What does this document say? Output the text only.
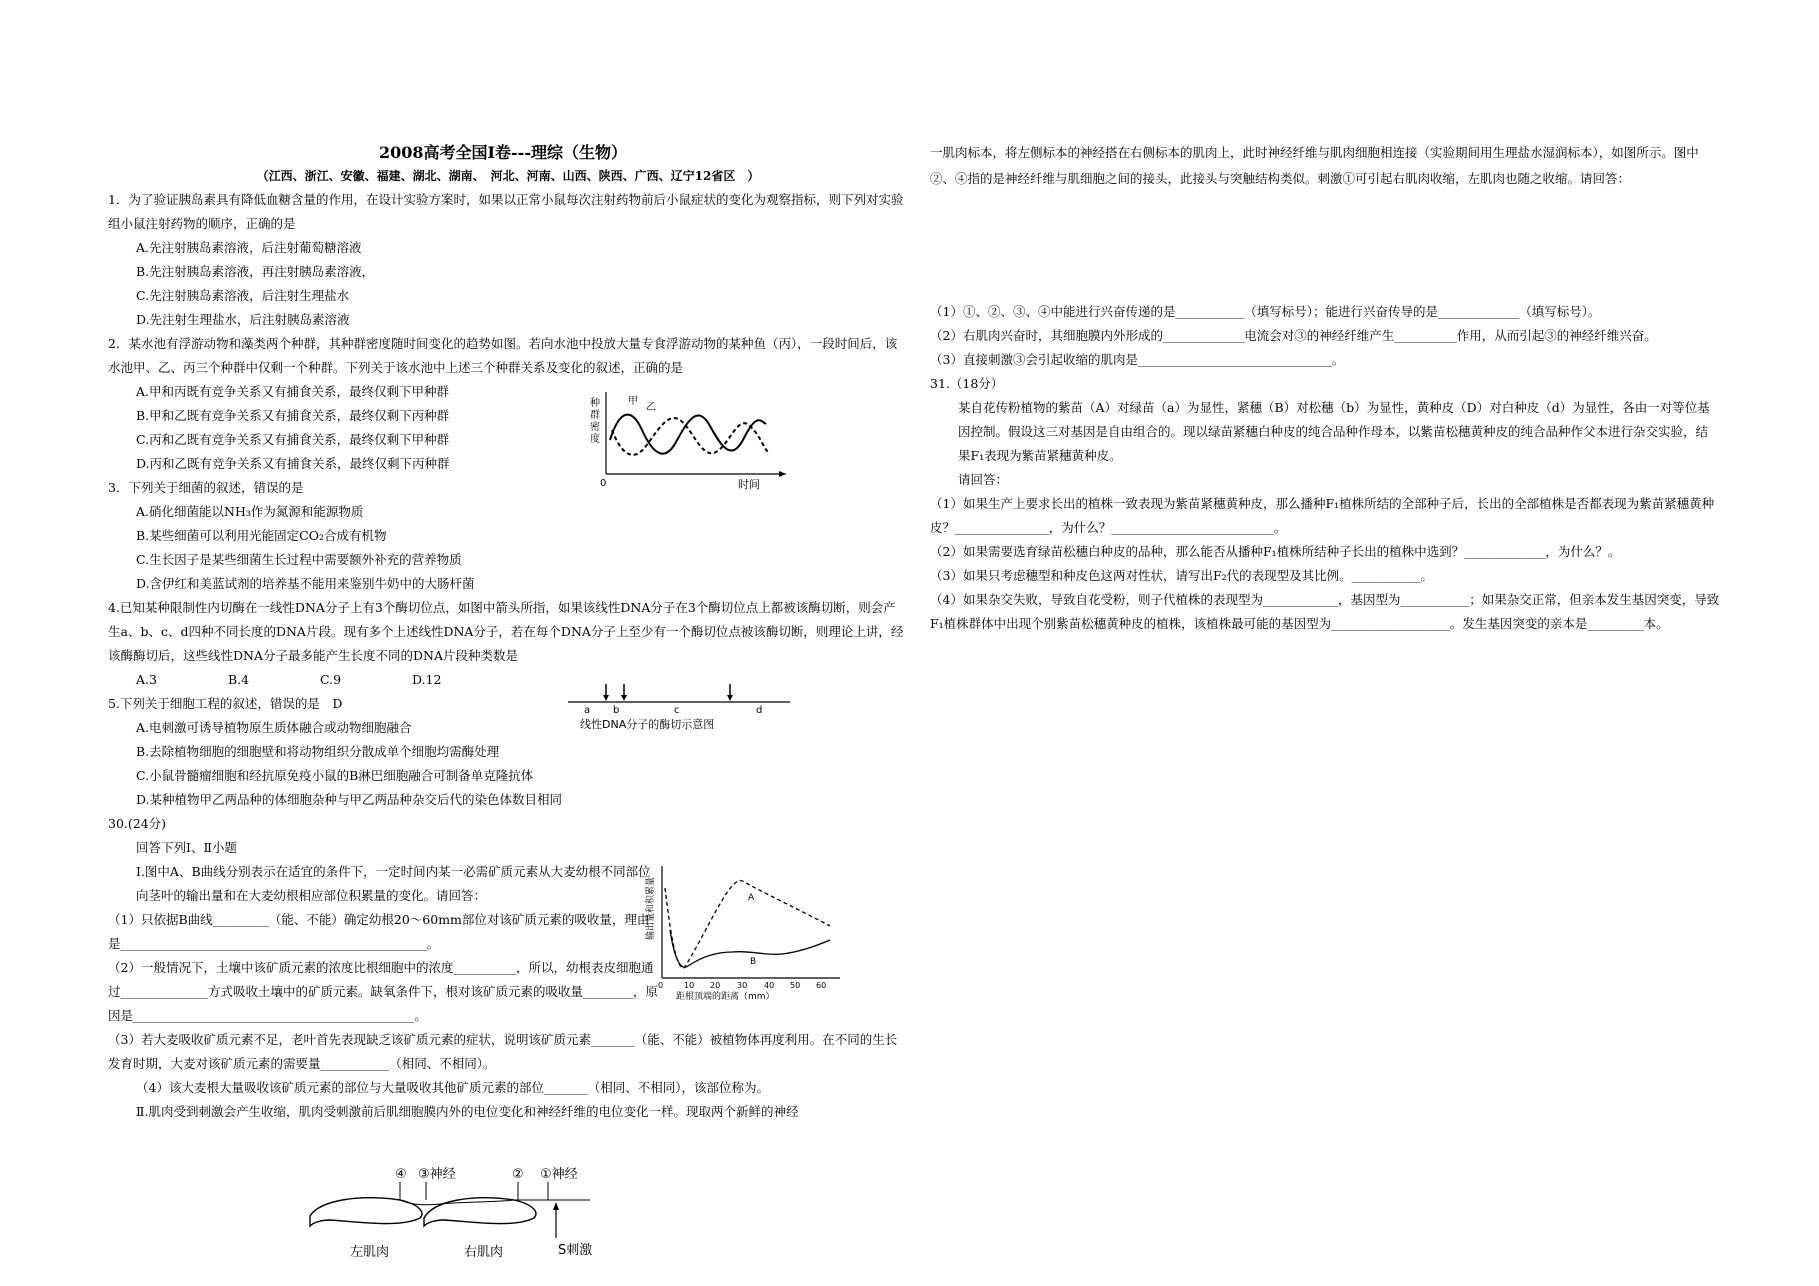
2008高考全国Ⅰ卷---理综（生物）
（江西、浙江、安徽、福建、湖北、湖南、　河北、河南、山西、陕西、广西、辽宁12省区　）

1．为了验证胰岛素具有降低血糖含量的作用，在设计实验方案时，如果以正常小鼠每次注射药物前后小鼠症状的变化为观察指标，则下列对实验组小鼠注射药物的顺序，正确的是

A.先注射胰岛素溶液，后注射葡萄糖溶液

B.先注射胰岛素溶液，再注射胰岛素溶液，

C.先注射胰岛素溶液，后注射生理盐水

D.先注射生理盐水，后注射胰岛素溶液

2．某水池有浮游动物和藻类两个种群，其种群密度随时间变化的趋势如图。若向水池中投放大量专食浮游动物的某种鱼（丙），一段时间后，该水池甲、乙、丙三个种群中仅剩一个种群。下列关于该水池中上述三个种群关系及变化的叙述，正确的是

A.甲和丙既有竞争关系又有捕食关系，最终仅剩下甲种群

B.甲和乙既有竞争关系又有捕食关系，最终仅剩下丙种群

C.丙和乙既有竞争关系又有捕食关系，最终仅剩下甲种群

D.丙和乙既有竞争关系又有捕食关系，最终仅剩下丙种群

3．下列关于细菌的叙述，错误的是

A.硝化细菌能以NH₃作为氮源和能源物质

B.某些细菌可以利用光能固定CO₂合成有机物

C.生长因子是某些细菌生长过程中需要额外补充的营养物质

D.含伊红和美蓝试剂的培养基不能用来鉴别牛奶中的大肠杆菌

4.已知某种限制性内切酶在一线性DNA分子上有3个酶切位点，如图中箭头所指，如果该线性DNA分子在3个酶切位点上都被该酶切断，则会产生a、b、c、d四种不同长度的DNA片段。现有多个上述线性DNA分子，若在每个DNA分子上至少有一个酶切位点被该酶切断，则理论上讲，经该酶酶切后，这些线性DNA分子最多能产生长度不同的DNA片段种类数是

A.3	B.4	C.9	D.12

5.下列关于细胞工程的叙述，错误的是　D

A.电刺激可诱导植物原生质体融合或动物细胞融合

B.去除植物细胞的细胞壁和将动物组织分散成单个细胞均需酶处理

C.小鼠骨髓瘤细胞和经抗原免疫小鼠的B淋巴细胞融合可制备单克隆抗体

D.某种植物甲乙两品种的体细胞杂种与甲乙两品种杂交后代的染色体数目相同

30.(24分)

回答下列Ⅰ、Ⅱ小题

Ⅰ.图中A、B曲线分别表示在适宜的条件下，一定时间内某一必需矿质元素从大麦幼根不同部位向茎叶的输出量和在大麦幼根相应部位积累量的变化。请回答：

（1）只依据B曲线_________（能、不能）确定幼根20～60mm部位对该矿质元素的吸收量，理由是_________________________________________________。

（2）一般情况下，土壤中该矿质元素的浓度比根细胞中的浓度__________，所以，幼根表皮细胞通过______________方式吸收土壤中的矿质元素。缺氧条件下，根对该矿质元素的吸收量________，原因是_____________________________________________。

（3）若大麦吸收矿质元素不足，老叶首先表现缺乏该矿质元素的症状，说明该矿质元素_______（能、不能）被植物体再度利用。在不同的生长发育时期，大麦对该矿质元素的需要量___________（相同、不相同）。

（4）该大麦根大量吸收该矿质元素的部位与大量吸收其他矿质元素的部位_______（相同、不相同），该部位称为。

Ⅱ.肌肉受到刺激会产生收缩，肌肉受刺激前后肌细胞膜内外的电位变化和神经纤维的电位变化一样。现取两个新鲜的神经

0	时间
种
群
密
度
甲
乙
a b	c	d
线性DNA分子的酶切示意图
输出量和积累量
0	10 20 30 40 50 60
距根顶端的距离（mm）
A
B
④ ③神经	② ①神经
左肌肉	右肌肉	S刺激

一肌肉标本，将左侧标本的神经搭在右侧标本的肌肉上，此时神经纤维与肌肉细胞相连接（实验期间用生理盐水湿润标本），如图所示。图中②、④指的是神经纤维与肌细胞之间的接头，此接头与突触结构类似。刺激①可引起右肌肉收缩，左肌肉也随之收缩。请回答：

（1）①、②、③、④中能进行兴奋传递的是___________（填写标号）；能进行兴奋传导的是_____________（填写标号）。

（2）右肌肉兴奋时，其细胞膜内外形成的_____________电流会对③的神经纤维产生__________作用，从而引起③的神经纤维兴奋。

（3）直接刺激③会引起收缩的肌肉是_______________________________。

31.（18分）

某自花传粉植物的紫苗（A）对绿苗（a）为显性，紧穗（B）对松穗（b）为显性，黄种皮（D）对白种皮（d）为显性，各由一对等位基因控制。假设这三对基因是自由组合的。现以绿苗紧穗白种皮的纯合品种作母本，以紫苗松穗黄种皮的纯合品种作父本进行杂交实验，结果F₁表现为紫苗紧穗黄种皮。

请回答：

（1）如果生产上要求长出的植株一致表现为紫苗紧穗黄种皮，那么播种F₁植株所结的全部种子后，长出的全部植株是否都表现为紫苗紧穗黄种皮？_______________，为什么？__________________________。

（2）如果需要选育绿苗松穗白种皮的品种，那么能否从播种F₁植株所结种子长出的植株中选到？_____________，为什么？。

（3）如果只考虑穗型和种皮色这两对性状，请写出F₂代的表现型及其比例。___________。

（4）如果杂交失败，导致自花受粉，则子代植株的表现型为____________，基因型为___________；如果杂交正常，但亲本发生基因突变，导致F₁植株群体中出现个别紫苗松穗黄种皮的植株，该植株最可能的基因型为___________________。发生基因突变的亲本是_________本。
